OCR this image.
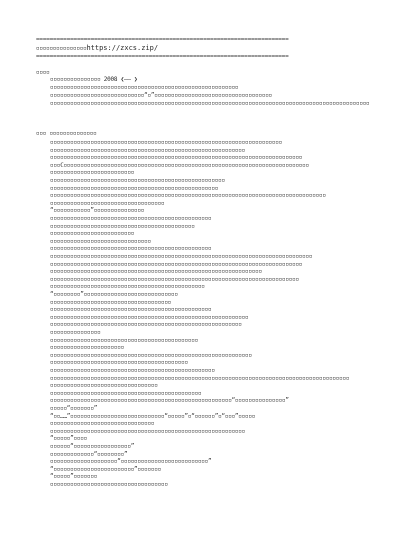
==========================================================================
▫▫▫▫▫▫▫▫▫▫▫▫▫▫▫https://zxcs.zip/
==========================================================================
▫▫▫▫
▫▫▫▫▫▫▫▫▫▫▫▫▫▫▫ 2008 ❮—— ❯
▫▫▫▫▫▫▫▫▫▫▫▫▫▫▫▫▫▫▫▫▫▫▫▫▫▫▫▫▫▫▫▫▫▫▫▫▫▫▫▫▫▫▫▫▫▫▫▫▫▫▫▫▫▫▫▫
▫▫▫▫▫▫▫▫▫▫▫▫▫▫▫▫▫▫▫▫▫▫▫▫▫▫▫▫“▫”▫▫▫▫▫▫▫▫▫▫▫▫▫▫▫▫▫▫▫▫▫▫▫▫▫▫▫▫▫▫▫▫▫▫▫
▫▫▫▫▫▫▫▫▫▫▫▫▫▫▫▫▫▫▫▫▫▫▫▫▫▫▫▫▫▫▫▫▫▫▫▫▫▫▫▫▫▫▫▫▫▫▫▫▫▫▫▫▫▫▫▫▫▫▫▫▫▫▫▫▫▫▫▫▫▫▫▫▫▫▫▫▫▫▫▫▫▫▫▫▫▫▫▫▫▫▫▫▫▫▫
▫▫▫ ▫▫▫▫▫▫▫▫▫▫▫▫▫▫
▫▫▫▫▫▫▫▫▫▫▫▫▫▫▫▫▫▫▫▫▫▫▫▫▫▫▫▫▫▫▫▫▫▫▫▫▫▫▫▫▫▫▫▫▫▫▫▫▫▫▫▫▫▫▫▫▫▫▫▫▫▫▫▫▫▫▫▫▫
▫▫▫▫▫▫▫▫▫▫▫▫▫▫▫▫▫▫▫▫▫▫▫▫▫▫▫▫▫▫▫▫▫▫▫▫▫▫▫▫▫▫▫▫▫▫▫▫▫▫▫▫▫▫▫▫▫▫
▫▫▫▫▫▫▫▫▫▫▫▫▫▫▫▫▫▫▫▫▫▫▫▫▫▫▫▫▫▫▫▫▫▫▫▫▫▫▫▫▫▫▫▫▫▫▫▫▫▫▫▫▫▫▫▫▫▫▫▫▫▫▫▫▫▫▫▫▫▫▫▫▫▫▫
▫▫▫ℂ▫▫▫▫▫▫▫▫▫▫▫▫▫▫▫▫▫▫▫▫▫▫▫▫▫▫▫▫▫▫▫▫▫▫▫▫▫▫▫▫▫▫▫▫▫▫▫▫▫▫▫▫▫▫▫▫▫▫▫▫▫▫▫▫▫▫▫▫▫▫▫▫▫
▫▫▫▫▫▫▫▫▫▫▫▫▫▫▫▫▫▫▫▫▫▫▫▫▫
▫▫▫▫▫▫▫▫▫▫▫▫▫▫▫▫▫▫▫▫▫▫▫▫▫▫▫▫▫▫▫▫▫▫▫▫▫▫▫▫▫▫▫▫▫▫▫▫▫▫▫▫
▫▫▫▫▫▫▫▫▫▫▫▫▫▫▫▫▫▫▫▫▫▫▫▫▫▫▫▫▫▫▫▫▫▫▫▫▫▫▫▫▫▫▫▫▫▫▫▫▫▫
▫▫▫▫▫▫▫▫▫▫▫▫▫▫▫▫▫▫▫▫▫▫▫▫▫▫▫▫▫▫▫▫▫▫▫▫▫▫▫▫▫▫▫▫▫▫▫▫▫▫▫▫▫▫▫▫▫▫▫▫▫▫▫▫▫▫▫▫▫▫▫▫▫▫▫▫▫▫▫▫▫▫
▫▫▫▫▫▫▫▫▫▫▫▫▫▫▫▫▫▫▫▫▫▫▫▫▫▫▫▫▫▫▫▫▫▫
“▫▫▫▫▫▫▫▫▫▫▫”▫▫▫▫▫▫▫▫▫▫▫▫▫▫▫
▫▫▫▫▫▫▫▫▫▫▫▫▫▫▫▫▫▫▫▫▫▫▫▫▫▫▫▫▫▫▫▫▫▫▫▫▫▫▫▫▫▫▫▫▫▫▫▫
▫▫▫▫▫▫▫▫▫▫▫▫▫▫▫▫▫▫▫▫▫▫▫▫▫▫▫▫▫▫▫▫▫▫▫▫▫▫▫▫▫▫▫
▫▫▫▫▫▫▫▫▫▫▫▫▫▫▫▫▫▫▫▫▫▫▫▫▫
▫▫▫▫▫▫▫▫▫▫▫▫▫▫▫▫▫▫▫▫▫▫▫▫▫▫▫▫▫▫
▫▫▫▫▫▫▫▫▫▫▫▫▫▫▫▫▫▫▫▫▫▫▫▫▫▫▫▫▫▫▫▫▫▫▫▫▫▫▫▫▫▫▫▫▫▫▫▫
▫▫▫▫▫▫▫▫▫▫▫▫▫▫▫▫▫▫▫▫▫▫▫▫▫▫▫▫▫▫▫▫▫▫▫▫▫▫▫▫▫▫▫▫▫▫▫▫▫▫▫▫▫▫▫▫▫▫▫▫▫▫▫▫▫▫▫▫▫▫▫▫▫▫▫▫▫▫
▫▫▫▫▫▫▫▫▫▫▫▫▫▫▫▫▫▫▫▫▫▫▫▫▫▫▫▫▫▫▫▫▫▫▫▫▫▫▫▫▫▫▫▫▫▫▫▫▫▫▫▫▫▫▫▫▫▫▫▫▫▫▫▫▫▫▫▫▫▫▫▫▫▫▫
▫▫▫▫▫▫▫▫▫▫▫▫▫▫▫▫▫▫▫▫▫▫▫▫▫▫▫▫▫▫▫▫▫▫▫▫▫▫▫▫▫▫▫▫▫▫▫▫▫▫▫▫▫▫▫▫▫▫▫▫▫▫▫
▫▫▫▫▫▫▫▫▫▫▫▫▫▫▫▫▫▫▫▫▫▫▫▫▫▫▫▫▫▫▫▫▫▫▫▫▫▫▫▫▫▫▫▫▫▫▫▫▫▫▫▫▫▫▫▫▫▫▫▫▫▫▫▫▫▫▫▫▫▫▫▫▫▫
▫▫▫▫▫▫▫▫▫▫▫▫▫▫▫▫▫▫▫▫▫▫▫▫▫▫▫▫▫▫▫▫▫▫▫▫▫▫▫▫▫▫▫▫▫▫
“▫▫▫▫▫▫▫▫”▫▫▫▫▫▫▫▫▫▫▫▫▫▫▫▫▫▫▫▫▫▫▫▫▫▫▫▫
▫▫▫▫▫▫▫▫▫▫▫▫▫▫▫▫▫▫▫▫▫▫▫▫▫▫▫▫▫▫▫▫▫▫▫▫
▫▫▫▫▫▫▫▫▫▫▫▫▫▫▫▫▫▫▫▫▫▫▫▫▫▫▫▫▫▫▫▫▫▫▫▫▫▫▫▫▫▫▫▫▫▫▫▫
▫▫▫▫▫▫▫▫▫▫▫▫▫▫▫▫▫▫▫▫▫▫▫▫▫▫▫▫▫▫▫▫▫▫▫▫▫▫▫▫▫▫▫▫▫▫▫▫▫▫▫▫▫▫▫▫▫▫▫
▫▫▫▫▫▫▫▫▫▫▫▫▫▫▫▫▫▫▫▫▫▫▫▫▫▫▫▫▫▫▫▫▫▫▫▫▫▫▫▫▫▫▫▫▫▫▫▫▫▫▫▫▫▫▫▫▫
▫▫▫▫▫▫▫▫▫▫▫▫▫▫▫
▫▫▫▫▫▫▫▫▫▫▫▫▫▫▫▫▫▫▫▫▫▫▫▫▫▫▫▫▫▫▫▫▫▫▫▫▫▫▫▫▫▫▫▫
▫▫▫▫▫▫▫▫▫▫▫▫▫▫▫▫▫▫▫▫▫▫
▫▫▫▫▫▫▫▫▫▫▫▫▫▫▫▫▫▫▫▫▫▫▫▫▫▫▫▫▫▫▫▫▫▫▫▫▫▫▫▫▫▫▫▫▫▫▫▫▫▫▫▫▫▫▫▫▫▫▫▫
▫▫▫▫▫▫▫▫▫▫▫▫▫▫▫▫▫▫▫▫▫▫▫▫▫▫▫▫▫▫▫▫▫▫▫▫▫▫▫▫▫
▫▫▫▫▫▫▫▫▫▫▫▫▫▫▫▫▫▫▫▫▫▫▫▫▫▫▫▫▫▫▫▫▫▫▫▫▫▫▫▫▫▫▫▫▫▫▫▫▫
▫▫▫▫▫▫▫▫▫▫▫▫▫▫▫▫▫▫▫▫▫▫▫▫▫▫▫▫▫▫▫▫▫▫▫▫▫▫▫▫▫▫▫▫▫▫▫▫▫▫▫▫▫▫▫▫▫▫▫▫▫▫▫▫▫▫▫▫▫▫▫▫▫▫▫▫▫▫▫▫▫▫▫▫▫▫▫▫▫
▫▫▫▫▫▫▫▫▫▫▫▫▫▫▫▫▫▫▫▫▫▫▫▫▫▫▫▫▫▫▫▫
▫▫▫▫▫▫▫▫▫▫▫▫▫▫▫▫▫▫▫▫▫▫▫▫▫▫▫▫▫▫▫▫▫▫▫▫▫▫▫▫▫▫▫▫▫
▫▫▫▫▫▫▫▫▫▫▫▫▫▫▫▫▫▫▫▫▫▫▫▫▫▫▫▫▫▫▫▫▫▫▫▫▫▫▫▫▫▫▫▫▫▫▫▫▫▫▫▫▫▫“▫▫▫▫▫▫▫▫▫▫▫▫▫▫▫”
▫▫▫▫▫“▫▫▫▫▫▫▫”
“▫▫……”▫▫▫▫▫▫▫▫▫▫▫▫▫▫▫▫▫▫▫▫▫▫▫▫▫▫▫▫“▫▫▫▫▫”▫“▫▫▫▫▫▫”▫“▫▫▫”▫▫▫▫▫
▫▫▫▫▫▫▫▫▫▫▫▫▫▫▫▫▫▫▫▫▫▫▫▫▫▫▫▫▫▫▫
▫▫▫▫▫▫▫▫▫▫▫▫▫▫▫▫▫▫▫▫▫▫▫▫▫▫▫▫▫▫▫▫▫▫▫▫▫▫▫▫▫▫▫▫▫▫▫▫▫▫▫▫▫▫▫▫▫▫
“▫▫▫▫▫”▫▫▫▫
▫▫▫▫▫▫“▫▫▫▫▫▫▫▫▫▫▫▫▫▫▫▫▫”
▫▫▫▫▫▫▫▫▫▫▫▫▫“▫▫▫▫▫▫▫▫”
▫▫▫▫▫▫▫▫▫▫▫▫▫▫▫▫▫▫▫▫“▫▫▫▫▫▫▫▫▫▫▫▫▫▫▫▫▫▫▫▫▫▫▫▫▫▫”
“▫▫▫▫▫▫▫▫▫▫▫▫▫▫▫▫▫▫▫▫▫▫▫▫”▫▫▫▫▫▫▫
“▫▫▫▫▫”▫▫▫▫▫▫▫
▫▫▫▫▫▫▫▫▫▫▫▫▫▫▫▫▫▫▫▫▫▫▫▫▫▫▫▫▫▫▫▫▫▫▫
